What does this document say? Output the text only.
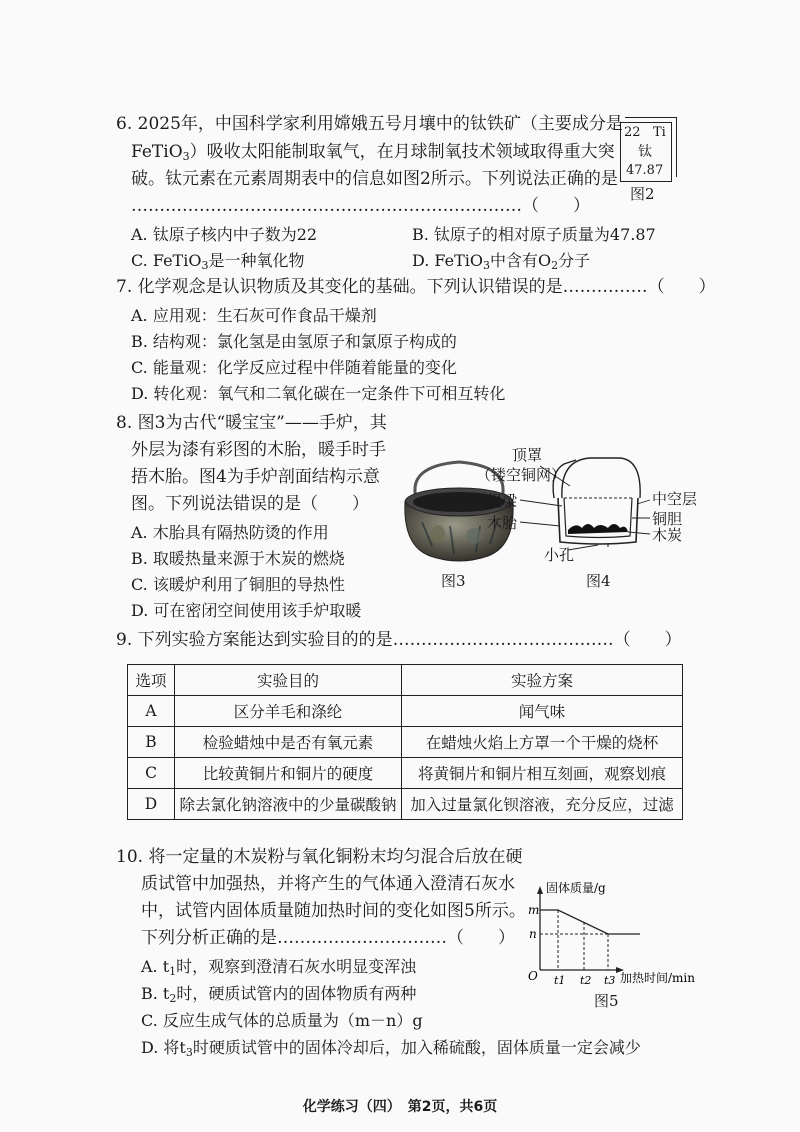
6. 2025年，中国科学家利用嫦娥五号月壤中的钛铁矿（主要成分是
FeTiO$_3$）吸收太阳能制取氧气，在月球制氧技术领域取得重大突
破。钛元素在元素周期表中的信息如图2所示。下列说法正确的是
……………………………………………………………（　　）
A. 钛原子核内中子数为22	B. 钛原子的相对原子质量为47.87
C. FeTiO$_3$是一种氧化物	D. FeTiO$_3$中含有$O_2$分子
22 Ti
钛
47.87
图2
7. 化学观念是认识物质及其变化的基础。下列认识错误的是……………（　　）
A. 应用观：生石灰可作食品干燥剂
B. 结构观：氯化氢是由氢原子和氯原子构成的
C. 能量观：化学反应过程中伴随着能量的变化
D. 转化观：氧气和二氧化碳在一定条件下可相互转化
8. 图3为古代“暖宝宝”——手炉，其
外层为漆有彩图的木胎，暖手时手
捂木胎。图4为手炉剖面结构示意
图。下列说法错误的是（　　）
A. 木胎具有隔热防烫的作用
B. 取暖热量来源于木炭的燃烧
C. 该暖炉利用了铜胆的导热性
D. 可在密闭空间使用该手炉取暖
图3
顶罩
（镂空铜网）
提梁
木胎
小孔
中空层
铜胆
木炭
图4
9. 下列实验方案能达到实验目的的是…………………………………（　　）
选项	实验目的	实验方案
A	区分羊毛和涤纶	闻气味
B	检验蜡烛中是否有氧元素	在蜡烛火焰上方罩一个干燥的烧杯
C	比较黄铜片和铜片的硬度	将黄铜片和铜片相互刻画，观察划痕
D	除去氯化钠溶液中的少量碳酸钠	加入过量氯化钡溶液，充分反应，过滤
10. 将一定量的木炭粉与氧化铜粉末均匀混合后放在硬
质试管中加强热，并将产生的气体通入澄清石灰水
中，试管内固体质量随加热时间的变化如图5所示。
下列分析正确的是…………………………（　　）
A. $t_1$时，观察到澄清石灰水明显变浑浊
B. $t_2$时，硬质试管内的固体物质有两种
C. 反应生成气体的总质量为（m－n）g
D. 将$t_3$时硬质试管中的固体冷却后，加入稀硫酸，固体质量一定会减少
m
n
O t1 t2 t3
固体质量/g
加热时间/min
图5
化学练习（四）　第2页，共6页
